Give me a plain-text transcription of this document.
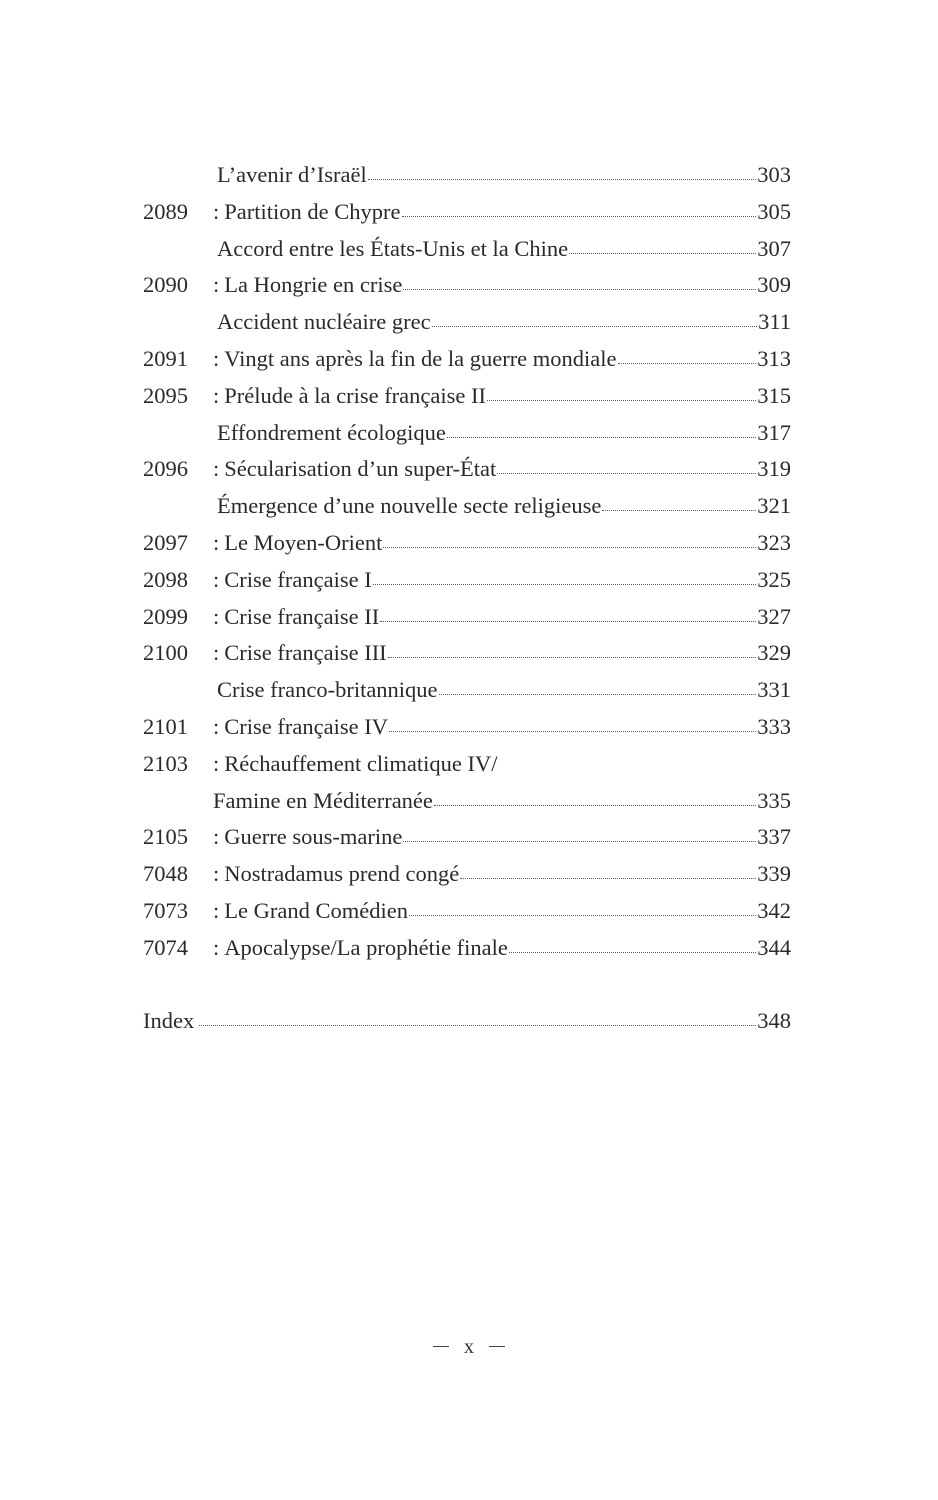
L’avenir d’Israël	303
2089	: Partition de Chypre	305
Accord entre les États-Unis et la Chine	307
2090	: La Hongrie en crise	309
Accident nucléaire grec	311
2091	: Vingt ans après la fin de la guerre mondiale	313
2095	: Prélude à la crise française II	315
Effondrement écologique	317
2096	: Sécularisation d’un super-État	319
Émergence d’une nouvelle secte religieuse	321
2097	: Le Moyen-Orient	323
2098	: Crise française I	325
2099	: Crise française II	327
2100	: Crise française III	329
Crise franco-britannique	331
2101	: Crise française IV	333
2103	: Réchauffement climatique IV/
Famine en Méditerranée	335
2105	: Guerre sous-marine	337
7048	: Nostradamus prend congé	339
7073	: Le Grand Comédien	342
7074	: Apocalypse/La prophétie finale	344
Index	348
x
